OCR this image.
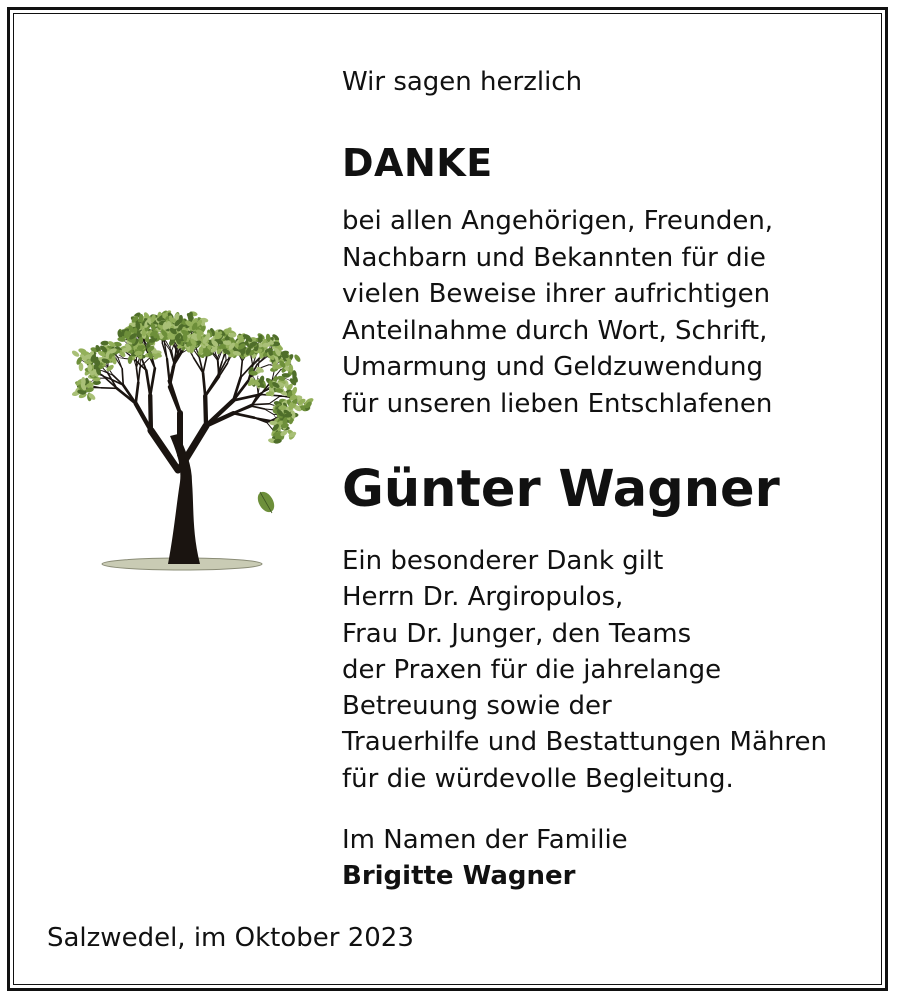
Wir sagen herzlich
DANKE
bei allen Angehörigen, Freunden,
Nachbarn und Bekannten für die
vielen Beweise ihrer aufrichtigen
Anteilnahme durch Wort, Schrift,
Umarmung und Geldzuwendung
für unseren lieben Entschlafenen
Günter Wagner
Ein besonderer Dank gilt
Herrn Dr. Argiropulos,
Frau Dr. Junger, den Teams
der Praxen für die jahrelange
Betreuung sowie der
Trauerhilfe und Bestattungen Mähren
für die würdevolle Begleitung.
Im Namen der Familie
Brigitte Wagner
Salzwedel, im Oktober 2023
